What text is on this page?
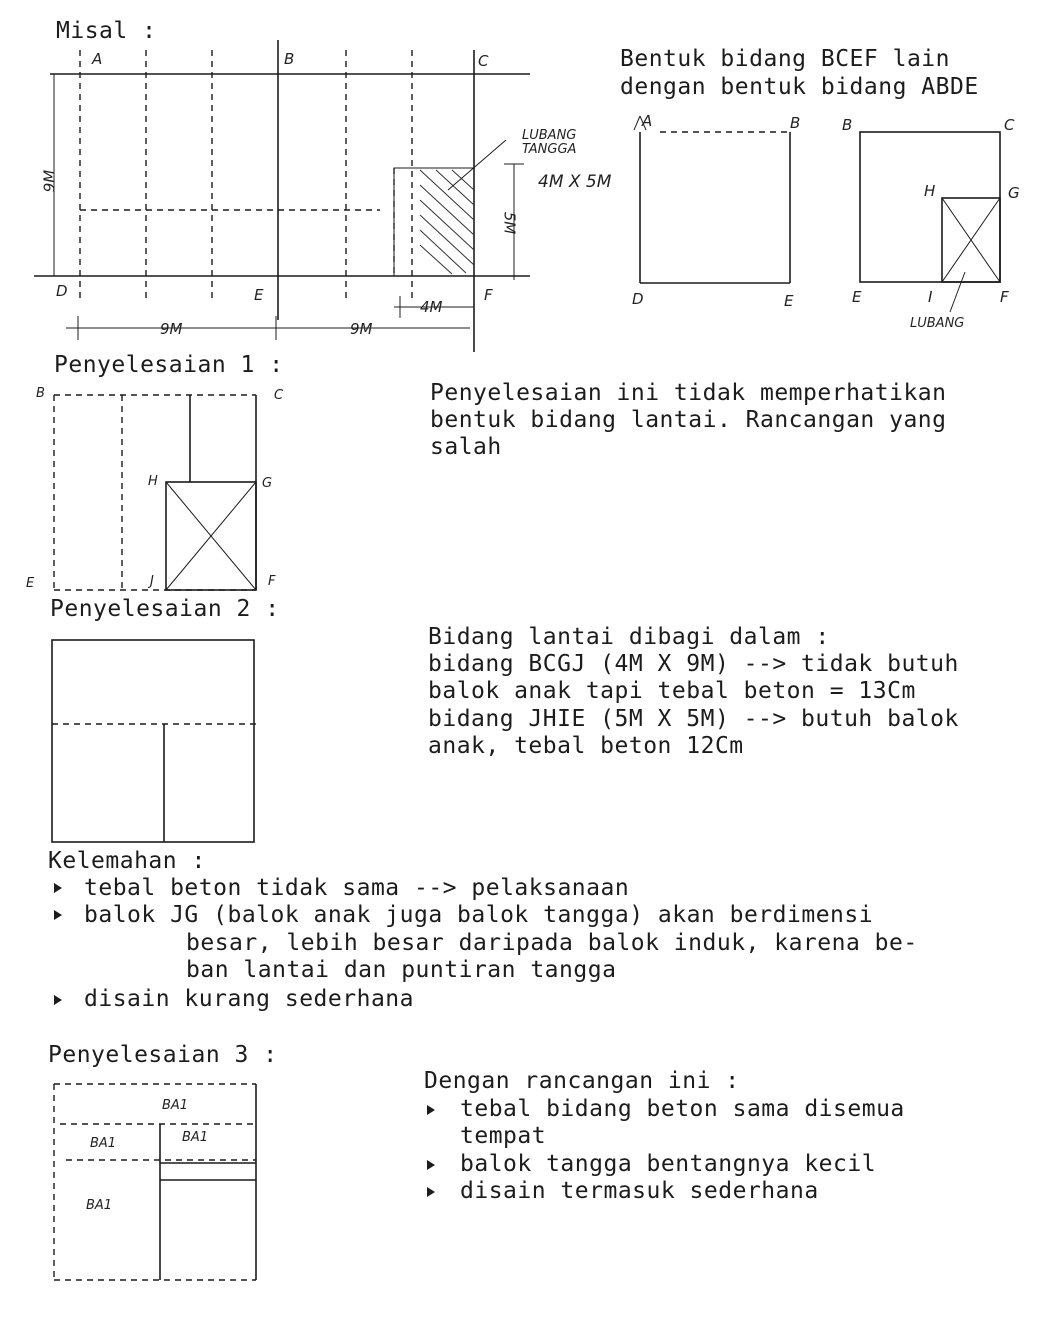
Misal :
Bentuk bidang BCEF lain
dengan bentuk bidang ABDE
A	B	C
D	E	F
9M
9M	9M
4M
5M
LUBANG
TANGGA
4M X 5M
A	B
D	E
B	C
H	G
E	I	F
LUBANG
Penyelesaian 1 :
Penyelesaian ini tidak memperhatikan
bentuk bidang lantai. Rancangan yang
salah
B	C
H	G
E	J	F
Penyelesaian 2 :
Bidang lantai dibagi dalam :
bidang BCGJ (4M X 9M) --> tidak butuh
balok anak tapi tebal beton = 13Cm
bidang JHIE (5M X 5M) --> butuh balok
anak, tebal beton 12Cm
Kelemahan :
tebal beton tidak sama --> pelaksanaan
balok JG (balok anak juga balok tangga) akan berdimensi
besar, lebih besar daripada balok induk, karena be-
ban lantai dan puntiran tangga
disain kurang sederhana
Penyelesaian 3 :
Dengan rancangan ini :
tebal bidang beton sama disemua
tempat
balok tangga bentangnya kecil
disain termasuk sederhana
BA1
BA1	BA1
BA1
